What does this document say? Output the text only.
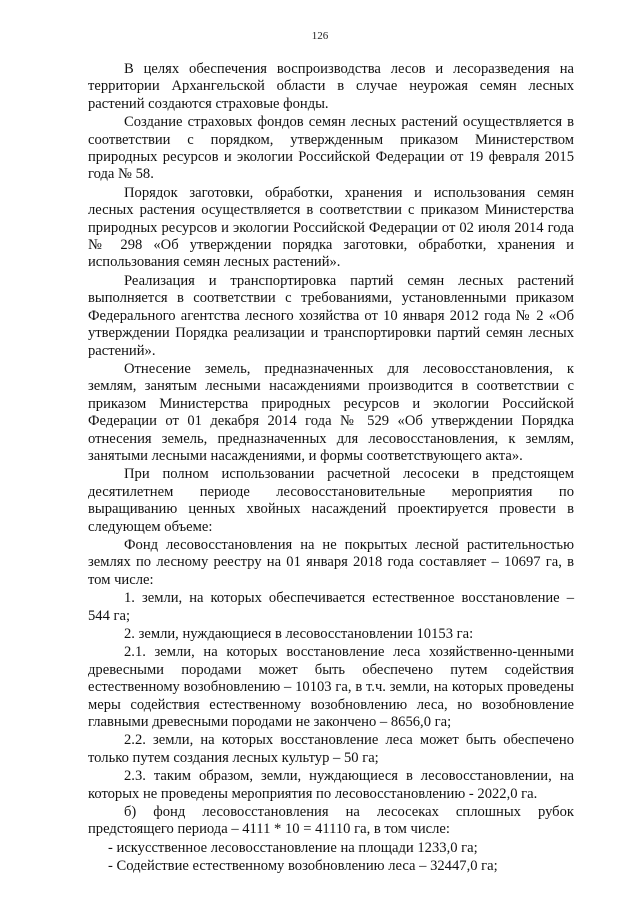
126

В целях обеспечения воспроизводства лесов и лесоразведения на территории Архангельской области в случае неурожая семян лесных растений создаются страховые фонды.

Создание страховых фондов семян лесных растений осуществляется в соответствии с порядком, утвержденным приказом Министерством природных ресурсов и экологии Российской Федерации от 19 февраля 2015 года № 58.

Порядок заготовки, обработки, хранения и использования семян лесных растения осуществляется в соответствии с приказом Министерства природных ресурсов и экологии Российской Федерации от 02 июля 2014 года № 298 «Об утверждении порядка заготовки, обработки, хранения и использования семян лесных растений».

Реализация и транспортировка партий семян лесных растений выполняется в соответствии с требованиями, установленными приказом Федерального агентства лесного хозяйства от 10 января 2012 года № 2 «Об утверждении Порядка реализации и транспортировки партий семян лесных растений».

Отнесение земель, предназначенных для лесовосстановления, к землям, занятым лесными насаждениями производится в соответствии с приказом Министерства природных ресурсов и экологии Российской Федерации от 01 декабря 2014 года № 529 «Об утверждении Порядка отнесения земель, предназначенных для лесовосстановления, к землям, занятыми лесными насаждениями, и формы соответствующего акта».

При полном использовании расчетной лесосеки в предстоящем десятилетнем периоде лесовосстановительные мероприятия по выращиванию ценных хвойных насаждений проектируется провести в следующем объеме:

Фонд лесовосстановления на не покрытых лесной растительностью землях по лесному реестру на 01 января 2018 года составляет – 10697 га, в том числе:

1. земли, на которых обеспечивается естественное восстановление – 544 га;

2. земли, нуждающиеся в лесовосстановлении 10153 га:

2.1. земли, на которых восстановление леса хозяйственно-ценными древесными породами может быть обеспечено путем содействия естественному возобновлению – 10103 га, в т.ч. земли, на которых проведены меры содействия естественному возобновлению леса, но возобновление главными древесными породами не закончено – 8656,0 га;

2.2. земли, на которых восстановление леса может быть обеспечено только путем создания лесных культур – 50 га;

2.3. таким образом, земли, нуждающиеся в лесовосстановлении, на которых не проведены мероприятия по лесовосстановлению - 2022,0 га.

б) фонд лесовосстановления на лесосеках сплошных рубок предстоящего периода – 4111 * 10 = 41110 га, в том числе:

- искусственное лесовосстановление на площади 1233,0 га;

- Содействие естественному возобновлению леса – 32447,0 га;
